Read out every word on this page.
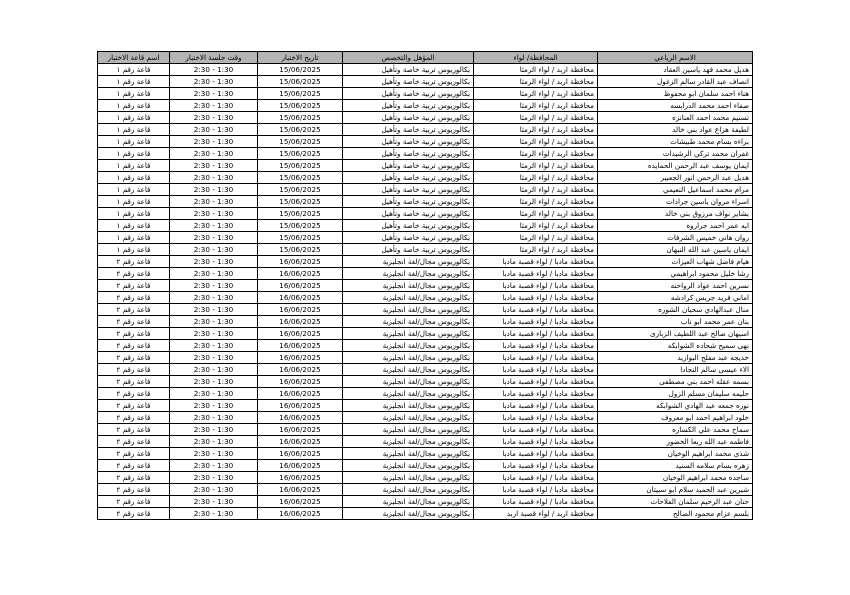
الاسم الرباعي	المحافظة/ لواء	المؤهل والتخصص	تاريخ الاختبار	وقت جلسة الاختبار	اسم قاعة الاختبار
هديل محمد فهد ياسين العقاد	محافظة اربد / لواء الرمثا	بكالوريوس تربية خاصة وتأهيل	15/06/2025	1:30 - 2:30	قاعة رقم ١
انصاف عبد القادر سالم الزغول	محافظة اربد / لواء الرمثا	بكالوريوس تربية خاصة وتأهيل	15/06/2025	1:30 - 2:30	قاعة رقم ١
هناء احمد سلمان ابو محفوظ	محافظة اربد / لواء الرمثا	بكالوريوس تربية خاصة وتأهيل	15/06/2025	1:30 - 2:30	قاعة رقم ١
صفاء احمد محمد الدرابسه	محافظة اربد / لواء الرمثا	بكالوريوس تربية خاصة وتأهيل	15/06/2025	1:30 - 2:30	قاعة رقم ١
تسنيم محمد احمد العنانزه	محافظة اربد / لواء الرمثا	بكالوريوس تربية خاصة وتأهيل	15/06/2025	1:30 - 2:30	قاعة رقم ١
لطيفة هزاع عواد بني خالد	محافظة اربد / لواء الرمثا	بكالوريوس تربية خاصة وتأهيل	15/06/2025	1:30 - 2:30	قاعة رقم ١
براءه بسام محمد طبيشات	محافظة اربد / لواء الرمثا	بكالوريوس تربية خاصة وتأهيل	15/06/2025	1:30 - 2:30	قاعة رقم ١
غفران محمد تركي الرشيدات	محافظة اربد / لواء الرمثا	بكالوريوس تربية خاصة وتأهيل	15/06/2025	1:30 - 2:30	قاعة رقم ١
ايمان يوسف عبد الرحمن الحمايده	محافظة اربد / لواء الرمثا	بكالوريوس تربية خاصة وتأهيل	15/06/2025	1:30 - 2:30	قاعة رقم ١
هديل عبد الرحمن انور الجعبير	محافظة اربد / لواء الرمثا	بكالوريوس تربية خاصة وتأهيل	15/06/2025	1:30 - 2:30	قاعة رقم ١
مرام محمد اسماعيل النعيمي	محافظة اربد / لواء الرمثا	بكالوريوس تربية خاصة وتأهيل	15/06/2025	1:30 - 2:30	قاعة رقم ١
اسراء مروان ياسين جرادات	محافظة اربد / لواء الرمثا	بكالوريوس تربية خاصة وتأهيل	15/06/2025	1:30 - 2:30	قاعة رقم ١
بشاير نواف مرزوق بني خالد	محافظة اربد / لواء الرمثا	بكالوريوس تربية خاصة وتأهيل	15/06/2025	1:30 - 2:30	قاعة رقم ١
ايه عمر احمد جراروه	محافظة اربد / لواء الرمثا	بكالوريوس تربية خاصة وتأهيل	15/06/2025	1:30 - 2:30	قاعة رقم ١
روان هاني خميس الشرفات	محافظة اربد / لواء الرمثا	بكالوريوس تربية خاصة وتأهيل	15/06/2025	1:30 - 2:30	قاعة رقم ١
ايمان ياسين عبد الله النبهان	محافظة اربد / لواء الرمثا	بكالوريوس تربية خاصة وتأهيل	15/06/2025	1:30 - 2:30	قاعة رقم ١
هيام فاضل شهاب العيزات	محافظة مادبا / لواء قصبة مادبا	بكالوريوس مجال/لغة انجليزية	16/06/2025	1:30 - 2:30	قاعة رقم ٢
رشا خليل محمود ابراهيمي	محافظة مادبا / لواء قصبة مادبا	بكالوريوس مجال/لغة انجليزية	16/06/2025	1:30 - 2:30	قاعة رقم ٢
نسرين احمد عواد الرواحنه	محافظة مادبا / لواء قصبة مادبا	بكالوريوس مجال/لغة انجليزية	16/06/2025	1:30 - 2:30	قاعة رقم ٢
اماني فريد جريس كرادشه	محافظة مادبا / لواء قصبة مادبا	بكالوريوس مجال/لغة انجليزية	16/06/2025	1:30 - 2:30	قاعة رقم ٢
منال عبدالهادي سحبان الشوره	محافظة مادبا / لواء قصبة مادبا	بكالوريوس مجال/لغة انجليزية	16/06/2025	1:30 - 2:30	قاعة رقم ٢
بنان عمر محمد ابو ناب	محافظة مادبا / لواء قصبة مادبا	بكالوريوس مجال/لغة انجليزية	16/06/2025	1:30 - 2:30	قاعة رقم ٢
اسيهان صالح عبد اللطيف الزبارى	محافظة مادبا / لواء قصبة مادبا	بكالوريوس مجال/لغة انجليزية	16/06/2025	1:30 - 2:30	قاعة رقم ٢
نهى سميح شحاده الشوابكه	محافظة مادبا / لواء قصبة مادبا	بكالوريوس مجال/لغة انجليزية	16/06/2025	1:30 - 2:30	قاعة رقم ٢
خديجه عبد مفلح البوازيد	محافظة مادبا / لواء قصبة مادبا	بكالوريوس مجال/لغة انجليزية	16/06/2025	1:30 - 2:30	قاعة رقم ٢
الاء عيسى سالم النجادا	محافظة مادبا / لواء قصبة مادبا	بكالوريوس مجال/لغة انجليزية	16/06/2025	1:30 - 2:30	قاعة رقم ٢
بسمه عقله احمد بني مصطفى	محافظة مادبا / لواء قصبة مادبا	بكالوريوس مجال/لغة انجليزية	16/06/2025	1:30 - 2:30	قاعة رقم ٢
حليمه سليمان مسلم الزول	محافظة مادبا / لواء قصبة مادبا	بكالوريوس مجال/لغة انجليزية	16/06/2025	1:30 - 2:30	قاعة رقم ٢
نوره جمعه عبد الهادي الشوابكه	محافظة مادبا / لواء قصبة مادبا	بكالوريوس مجال/لغة انجليزية	16/06/2025	1:30 - 2:30	قاعة رقم ٢
خلود ابراهيم احمد ابو معروف	محافظة مادبا / لواء قصبة مادبا	بكالوريوس مجال/لغة انجليزية	16/06/2025	1:30 - 2:30	قاعة رقم ٢
سماح محمد علي الكساره	محافظة مادبا / لواء قصبة مادبا	بكالوريوس مجال/لغة انجليزية	16/06/2025	1:30 - 2:30	قاعة رقم ٢
فاطمه عبد الله ربعا الخضور	محافظة مادبا / لواء قصبة مادبا	بكالوريوس مجال/لغة انجليزية	16/06/2025	1:30 - 2:30	قاعة رقم ٢
شذى محمد ابراهيم الوخيان	محافظة مادبا / لواء قصبة مادبا	بكالوريوس مجال/لغة انجليزية	16/06/2025	1:30 - 2:30	قاعة رقم ٢
زهره بسام سلامه السنيد	محافظة مادبا / لواء قصبة مادبا	بكالوريوس مجال/لغة انجليزية	16/06/2025	1:30 - 2:30	قاعة رقم ٢
ساجده محمد ابراهيم الوخيان	محافظة مادبا / لواء قصبة مادبا	بكالوريوس مجال/لغة انجليزية	16/06/2025	1:30 - 2:30	قاعة رقم ٢
شيرين عبد الحميد سلام ابو سبيتان	محافظة مادبا / لواء قصبة مادبا	بكالوريوس مجال/لغة انجليزية	16/06/2025	1:30 - 2:30	قاعة رقم ٢
حنان عبد الرحيم سلمان الفلاحات	محافظة مادبا / لواء قصبة مادبا	بكالوريوس مجال/لغة انجليزية	16/06/2025	1:30 - 2:30	قاعة رقم ٢
بلسم عزام محمود الصالح	محافظة اربد / لواء قصبة اربد	بكالوريوس مجال/لغة انجليزية	16/06/2025	1:30 - 2:30	قاعة رقم ٢
